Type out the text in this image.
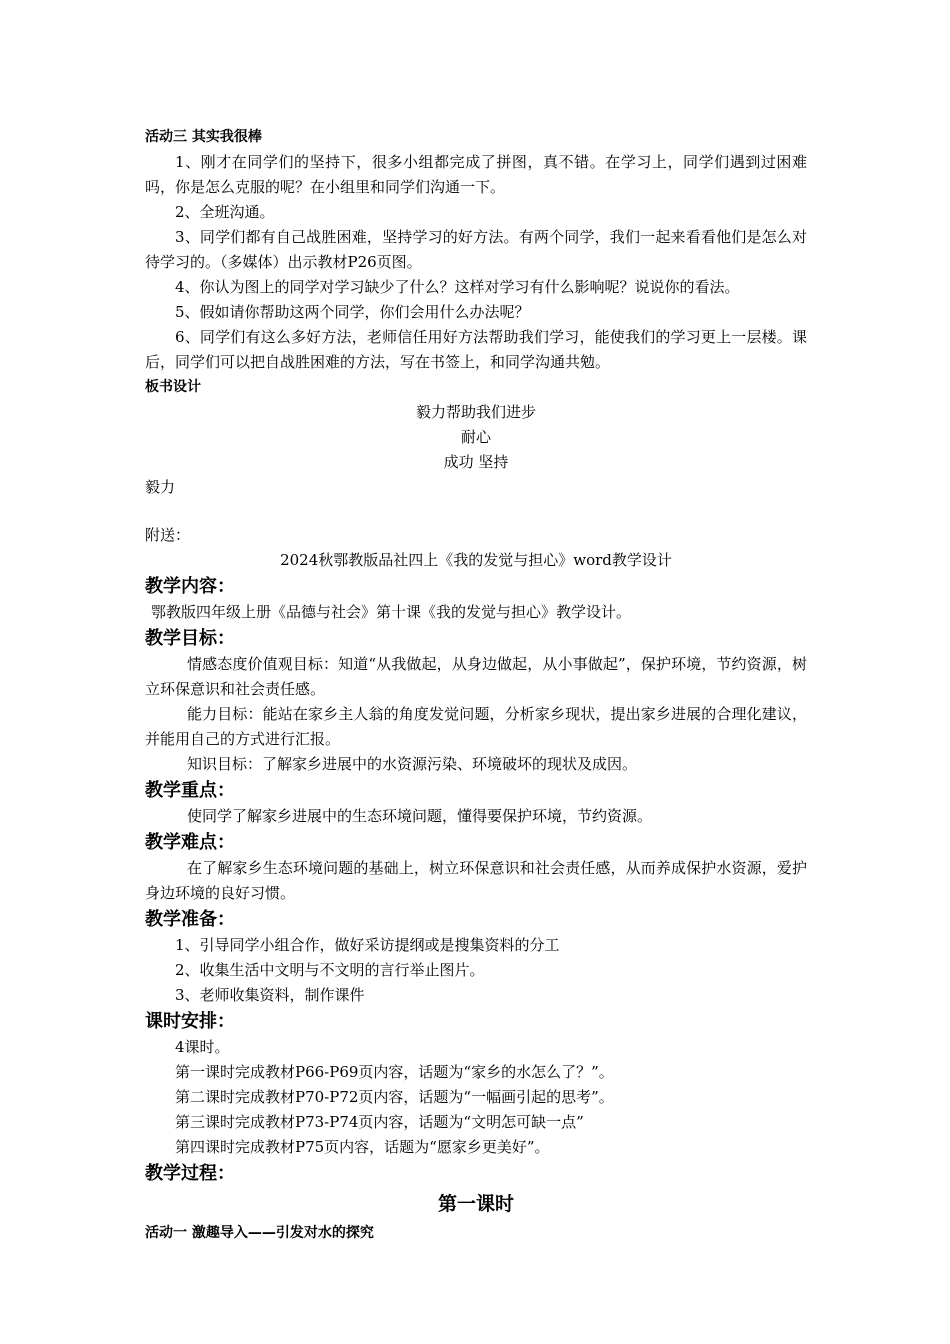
活动三 其实我很棒
1、刚才在同学们的坚持下，很多小组都完成了拼图，真不错。在学习上，同学们遇到过困难吗，你是怎么克服的呢？在小组里和同学们沟通一下。
2、全班沟通。
3、同学们都有自己战胜困难，坚持学习的好方法。有两个同学，我们一起来看看他们是怎么对待学习的。（多媒体）出示教材P26页图。
4、你认为图上的同学对学习缺少了什么？这样对学习有什么影响呢？说说你的看法。
5、假如请你帮助这两个同学，你们会用什么办法呢？
6、同学们有这么多好方法，老师信任用好方法帮助我们学习，能使我们的学习更上一层楼。课后，同学们可以把自战胜困难的方法，写在书签上，和同学沟通共勉。
板书设计
毅力帮助我们进步
耐心
成功 坚持
毅力
附送：
2024秋鄂教版品社四上《我的发觉与担心》word教学设计
教学内容：
鄂教版四年级上册《品德与社会》第十课《我的发觉与担心》教学设计。
教学目标：
情感态度价值观目标：知道“从我做起，从身边做起，从小事做起”，保护环境，节约资源，树立环保意识和社会责任感。
能力目标：能站在家乡主人翁的角度发觉问题，分析家乡现状，提出家乡进展的合理化建议，并能用自己的方式进行汇报。
知识目标：了解家乡进展中的水资源污染、环境破坏的现状及成因。
教学重点：
使同学了解家乡进展中的生态环境问题，懂得要保护环境，节约资源。
教学难点：
在了解家乡生态环境问题的基础上，树立环保意识和社会责任感，从而养成保护水资源，爱护身边环境的良好习惯。
教学准备：
1、引导同学小组合作，做好采访提纲或是搜集资料的分工
2、收集生活中文明与不文明的言行举止图片。
3、老师收集资料，制作课件
课时安排：
4课时。
第一课时完成教材P66-P69页内容，话题为“家乡的水怎么了？”。
第二课时完成教材P70-P72页内容，话题为“一幅画引起的思考”。
第三课时完成教材P73-P74页内容，话题为“文明怎可缺一点”
第四课时完成教材P75页内容，话题为“愿家乡更美好”。
教学过程：
第一课时
活动一 激趣导入——引发对水的探究
